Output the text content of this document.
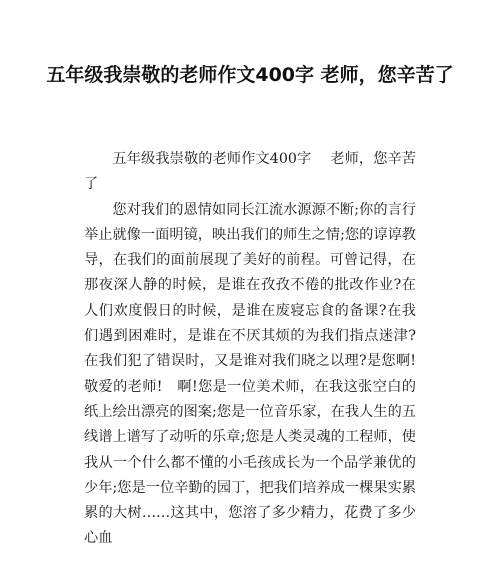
五年级我崇敬的老师作文400字 老师，您辛苦了

五年级我崇敬的老师作文400字　 老师，您辛苦了

您对我们的恩情如同长江流水源源不断;你的言行举止就像一面明镜，映出我们的师生之情;您的谆谆教导，在我们的面前展现了美好的前程。可曾记得，在那夜深人静的时候，是谁在孜孜不倦的批改作业?在人们欢度假日的时候，是谁在废寝忘食的备课?在我们遇到困难时，是谁在不厌其烦的为我们指点迷津?在我们犯了错误时，又是谁对我们晓之以理?是您啊!敬爱的老师!　啊!您是一位美术师，在我这张空白的纸上绘出漂亮的图案;您是一位音乐家，在我人生的五线谱上谱写了动听的乐章;您是人类灵魂的工程师，使我从一个什么都不懂的小毛孩成长为一个品学兼优的少年;您是一位辛勤的园丁，把我们培养成一棵果实累累的大树……这其中，您溶了多少精力，花费了多少心血
